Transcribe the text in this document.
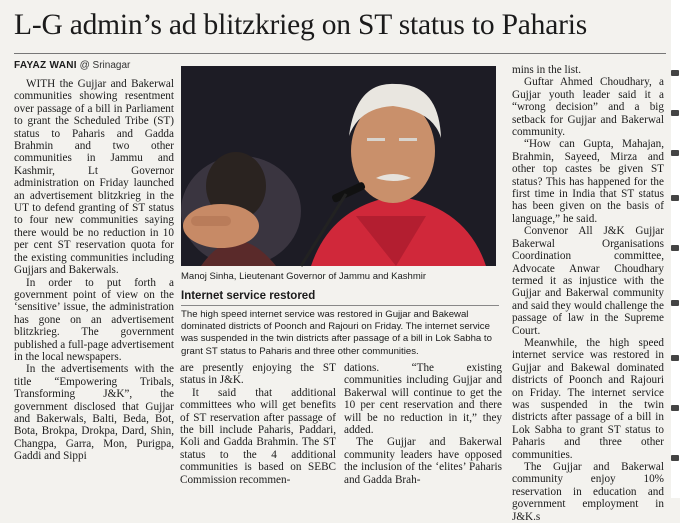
L-G admin’s ad blitzkrieg on ST status to Paharis
FAYAZ WANI @ Srinagar

WITH the Gujjar and Bakerwal communities showing resentment over passage of a bill in Parliament to grant the Scheduled Tribe (ST) status to Paharis and Gadda Brahmin and two other communities in Jammu and Kashmir, Lt Governor administration on Friday launched an advertisement blitzkrieg in the UT to defend granting of ST status to four new communities saying there would be no reduction in 10 per cent ST reservation quota for the existing communities including Gujjars and Bakerwals.

In order to put forth a government point of view on the ‘sensitive’ issue, the administration has gone on an advertisement blitzkrieg. The government published a full-page advertisement in the local newspapers.

In the advertisements with the title “Empowering Tribals, Transforming J&K”, the government disclosed that Gujjar and Bakerwals, Balti, Beda, Bot, Bota, Brokpa, Drokpa, Dard, Shin, Changpa, Garra, Mon, Purigpa, Gaddi and Sippi

Manoj Sinha, Lieutenant Governor of Jammu and Kashmir
Internet service restored
The high speed internet service was restored in Gujjar and Bakewal dominated districts of Poonch and Rajouri on Friday. The internet service was suspended in the twin districts after passage of a bill in Lok Sabha to grant ST status to Paharis and three other communities.

are presently enjoying the ST status in J&K.

It said that additional committees who will get benefits of ST reservation after passage of the bill include Paharis, Paddari, Koli and Gadda Brahmin. The ST status to the 4 additional communities is based on SEBC Commission recommen-

dations. “The existing communities including Gujjar and Bakerwal will continue to get the 10 per cent reservation and there will be no reduction in it,” they added.

The Gujjar and Bakerwal community leaders have opposed the inclusion of the ‘elites’ Paharis and Gadda Brah-

mins in the list.

Guftar Ahmed Choudhary, a Gujjar youth leader said it a “wrong decision” and a big setback for Gujjar and Bakerwal community.

“How can Gupta, Mahajan, Brahmin, Sayeed, Mirza and other top castes be given ST status? This has happened for the first time in India that ST status has been given on the basis of language,” he said.

Convenor All J&K Gujjar Bakerwal Organisations Coordination committee, Advocate Anwar Choudhary termed it as injustice with the Gujjar and Bakerwal community and said they would challenge the passage of law in the Supreme Court.

Meanwhile, the high speed internet service was restored in Gujjar and Bakewal dominated districts of Poonch and Rajouri on Friday. The internet service was suspended in the twin districts after passage of a bill in Lok Sabha to grant ST status to Paharis and three other communities.

The Gujjar and Bakerwal community enjoy 10% reservation in education and government employment in J&K.s
